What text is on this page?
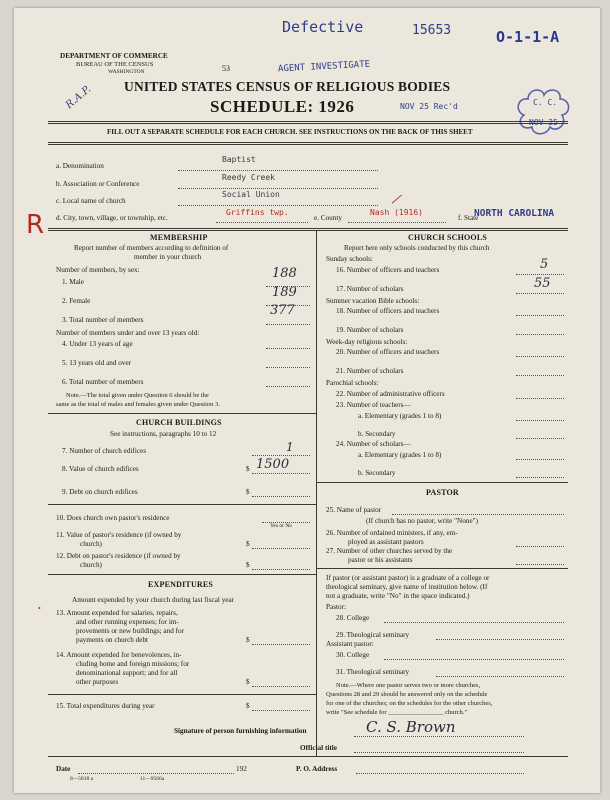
O-1-1-A
Defective	15653
AGENT INVESTIGATE
53
NOV 25 Rec'd
R.A.P.	C. C.
NOV 25
DEPARTMENT OF COMMERCE
BUREAU OF THE CENSUS
WASHINGTON
UNITED STATES CENSUS OF RELIGIOUS BODIES
SCHEDULE: 1926
FILL OUT A SEPARATE SCHEDULE FOR EACH CHURCH. SEE INSTRUCTIONS ON THE BACK OF THIS SHEET
a. Denomination
Baptist
b. Association or Conference
Reedy Creek
c. Local name of church
Social Union
R d. City, town, village, or township, etc.
Griffins twp.
e. County
Nash (1916)
/
f. State
NORTH CAROLINA
MEMBERSHIP
Report number of members according to definition of
member in your church
Number of members, by sex:
1. Male
188
2. Female
189
3. Total number of members
377
Number of members under and over 13 years old:
4. Under 13 years of age
5. 13 years old and over
6. Total number of members
Note.—The total given under Question 6 should be the
same as the total of males and females given under Question 3.
CHURCH BUILDINGS
See instructions, paragraphs 10 to 12
7. Number of church edifices	1
8. Value of church edifices	$ 1500
9. Debt on church edifices	$
10. Does church own pastor's residence
Yes or No
11. Value of pastor's residence (if owned by
church)	$
12. Debt on pastor's residence (if owned by
church)	$
EXPENDITURES
Amount expended by your church during last fiscal year
• 13. Amount expended for salaries, repairs,
and other running expenses; for im-
provements or new buildings; and for
payments on church debt	$
14. Amount expended for benevolences, in-
cluding home and foreign missions; for
denominational support; and for all
other purposes	$
15. Total expenditures during year	$
CHURCH SCHOOLS
Report here only schools conducted by this church
Sunday schools:
16. Number of officers and teachers	5
17. Number of scholars	55
Summer vacation Bible schools:
18. Number of officers and teachers
19. Number of scholars
Week-day religious schools:
20. Number of officers and teachers
21. Number of scholars
Parochial schools:
22. Number of administrative officers
23. Number of teachers—
a. Elementary (grades 1 to 8)
b. Secondary
24. Number of scholars—
a. Elementary (grades 1 to 8)
b. Secondary
PASTOR
25. Name of pastor
(If church has no pastor, write "None")
26. Number of ordained ministers, if any, em-
ployed as assistant pastors
27. Number of other churches served by the
pastor or his assistants
If pastor (or assistant pastor) is a graduate of a college or
theological seminary, give name of institution below. (If
not a graduate, write "No" in the space indicated.)
Pastor:
28. College
29. Theological seminary
Assistant pastor:
30. College
31. Theological seminary
Note.—Where one pastor serves two or more churches,
Questions 28 and 29 should be answered only on the schedule
for one of the churches; on the schedules for the other churches,
write "See schedule for _________________ church."
Signature of person furnishing information	C. S. Brown
Official title
Date	192	P. O. Address
8—5818 a	11—9566a
